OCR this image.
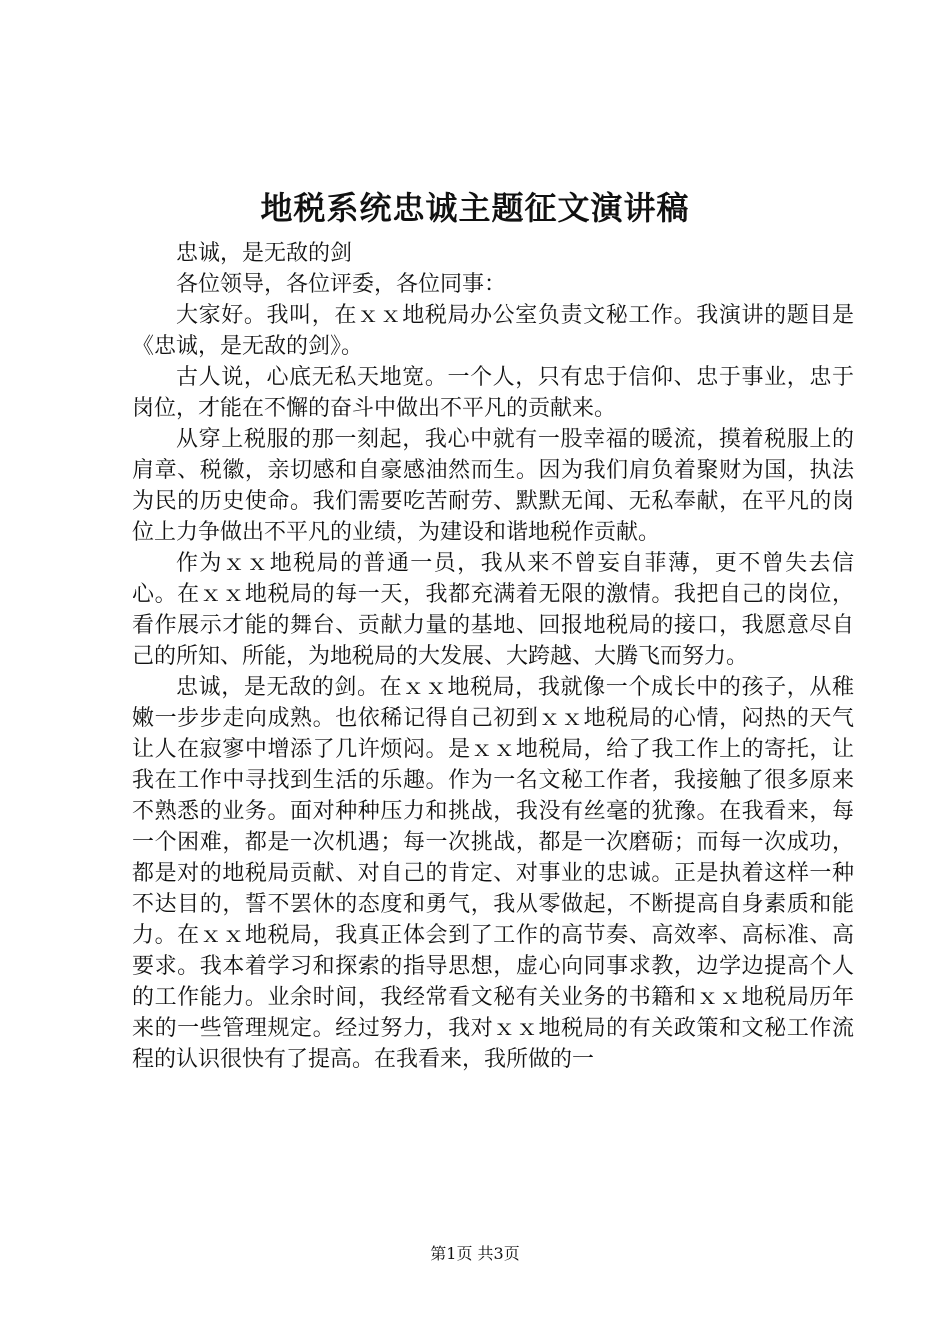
地税系统忠诚主题征文演讲稿

忠诚，是无敌的剑

各位领导，各位评委，各位同事：

大家好。我叫，在ｘｘ地税局办公室负责文秘工作。我演讲的题目是《忠诚，是无敌的剑》。

古人说，心底无私天地宽。一个人，只有忠于信仰、忠于事业，忠于岗位，才能在不懈的奋斗中做出不平凡的贡献来。

从穿上税服的那一刻起，我心中就有一股幸福的暖流，摸着税服上的肩章、税徽，亲切感和自豪感油然而生。因为我们肩负着聚财为国，执法为民的历史使命。我们需要吃苦耐劳、默默无闻、无私奉献，在平凡的岗位上力争做出不平凡的业绩，为建设和谐地税作贡献。

作为ｘｘ地税局的普通一员，我从来不曾妄自菲薄，更不曾失去信心。在ｘｘ地税局的每一天，我都充满着无限的激情。我把自己的岗位，看作展示才能的舞台、贡献力量的基地、回报地税局的接口，我愿意尽自己的所知、所能，为地税局的大发展、大跨越、大腾飞而努力。

忠诚，是无敌的剑。在ｘｘ地税局，我就像一个成长中的孩子，从稚嫩一步步走向成熟。也依稀记得自己初到ｘｘ地税局的心情，闷热的天气让人在寂寥中增添了几许烦闷。是ｘｘ地税局，给了我工作上的寄托，让我在工作中寻找到生活的乐趣。作为一名文秘工作者，我接触了很多原来不熟悉的业务。面对种种压力和挑战，我没有丝毫的犹豫。在我看来，每一个困难，都是一次机遇；每一次挑战，都是一次磨砺；而每一次成功，都是对的地税局贡献、对自己的肯定、对事业的忠诚。正是执着这样一种不达目的，誓不罢休的态度和勇气，我从零做起，不断提高自身素质和能力。在ｘｘ地税局，我真正体会到了工作的高节奏、高效率、高标准、高要求。我本着学习和探索的指导思想，虚心向同事求教，边学边提高个人的工作能力。业余时间，我经常看文秘有关业务的书籍和ｘｘ地税局历年来的一些管理规定。经过努力，我对ｘｘ地税局的有关政策和文秘工作流程的认识很快有了提高。在我看来，我所做的一

第1页 共3页
